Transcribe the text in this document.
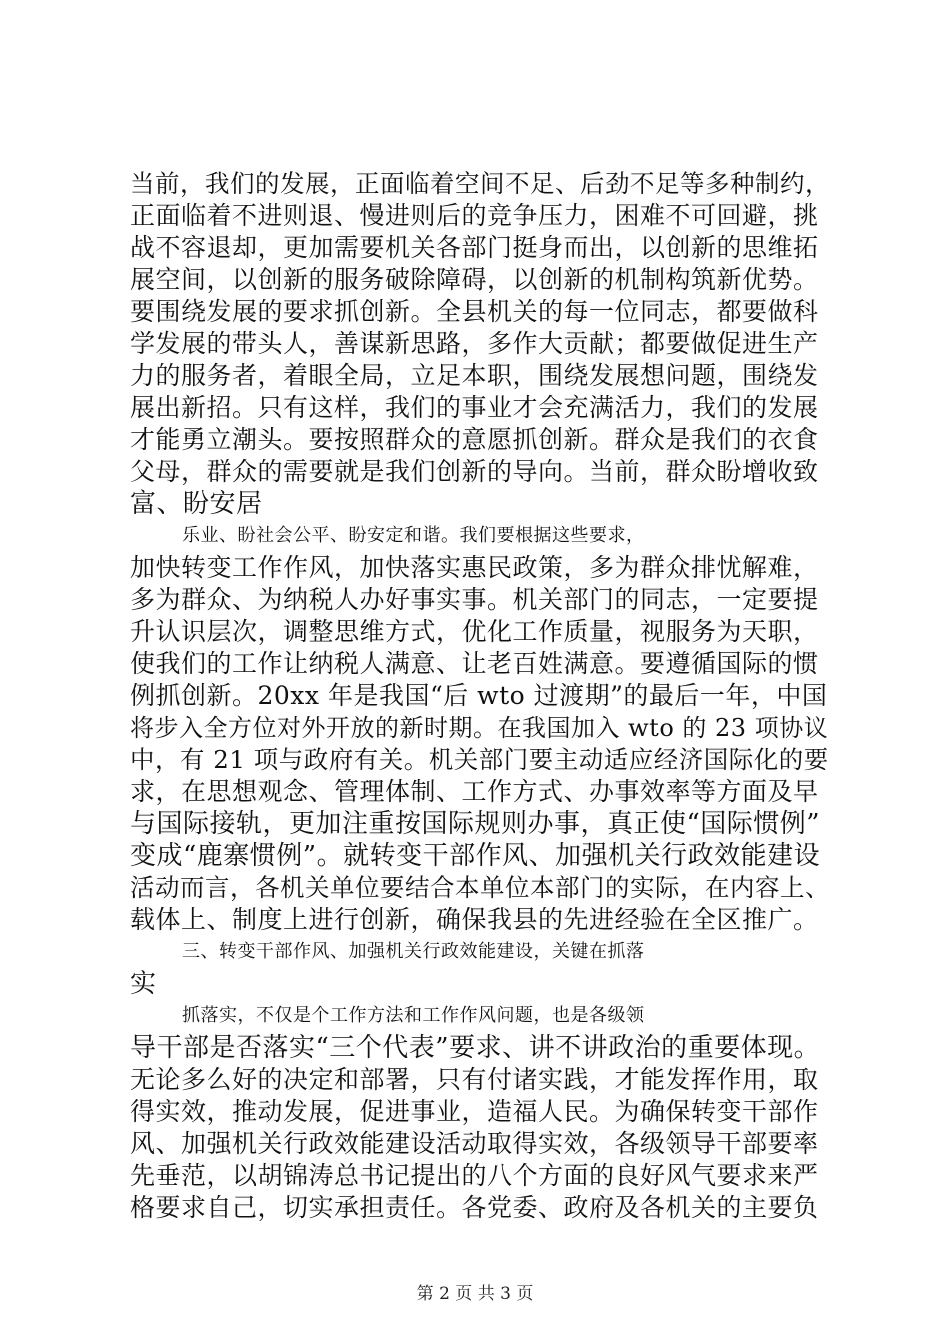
当前，我们的发展，正面临着空间不足、后劲不足等多种制约，
正面临着不进则退、慢进则后的竞争压力，困难不可回避，挑
战不容退却，更加需要机关各部门挺身而出，以创新的思维拓
展空间，以创新的服务破除障碍，以创新的机制构筑新优势。
要围绕发展的要求抓创新。全县机关的每一位同志，都要做科
学发展的带头人，善谋新思路，多作大贡献；都要做促进生产
力的服务者，着眼全局，立足本职，围绕发展想问题，围绕发
展出新招。只有这样，我们的事业才会充满活力，我们的发展
才能勇立潮头。要按照群众的意愿抓创新。群众是我们的衣食
父母，群众的需要就是我们创新的导向。当前，群众盼增收致
富、盼安居
乐业、盼社会公平、盼安定和谐。我们要根据这些要求，
加快转变工作作风，加快落实惠民政策，多为群众排忧解难，
多为群众、为纳税人办好事实事。机关部门的同志，一定要提
升认识层次，调整思维方式，优化工作质量，视服务为天职，
使我们的工作让纳税人满意、让老百姓满意。要遵循国际的惯
例抓创新。20xx 年是我国“后 wto 过渡期”的最后一年，中国
将步入全方位对外开放的新时期。在我国加入 wto 的 23 项协议
中，有 21 项与政府有关。机关部门要主动适应经济国际化的要
求，在思想观念、管理体制、工作方式、办事效率等方面及早
与国际接轨，更加注重按国际规则办事，真正使“国际惯例”
变成“鹿寨惯例”。就转变干部作风、加强机关行政效能建设
活动而言，各机关单位要结合本单位本部门的实际，在内容上、
载体上、制度上进行创新，确保我县的先进经验在全区推广。
三、转变干部作风、加强机关行政效能建设，关键在抓落
实
抓落实，不仅是个工作方法和工作作风问题，也是各级领
导干部是否落实“三个代表”要求、讲不讲政治的重要体现。
无论多么好的决定和部署，只有付诸实践，才能发挥作用，取
得实效，推动发展，促进事业，造福人民。为确保转变干部作
风、加强机关行政效能建设活动取得实效，各级领导干部要率
先垂范，以胡锦涛总书记提出的八个方面的良好风气要求来严
格要求自己，切实承担责任。各党委、政府及各机关的主要负
第 2 页 共 3 页
